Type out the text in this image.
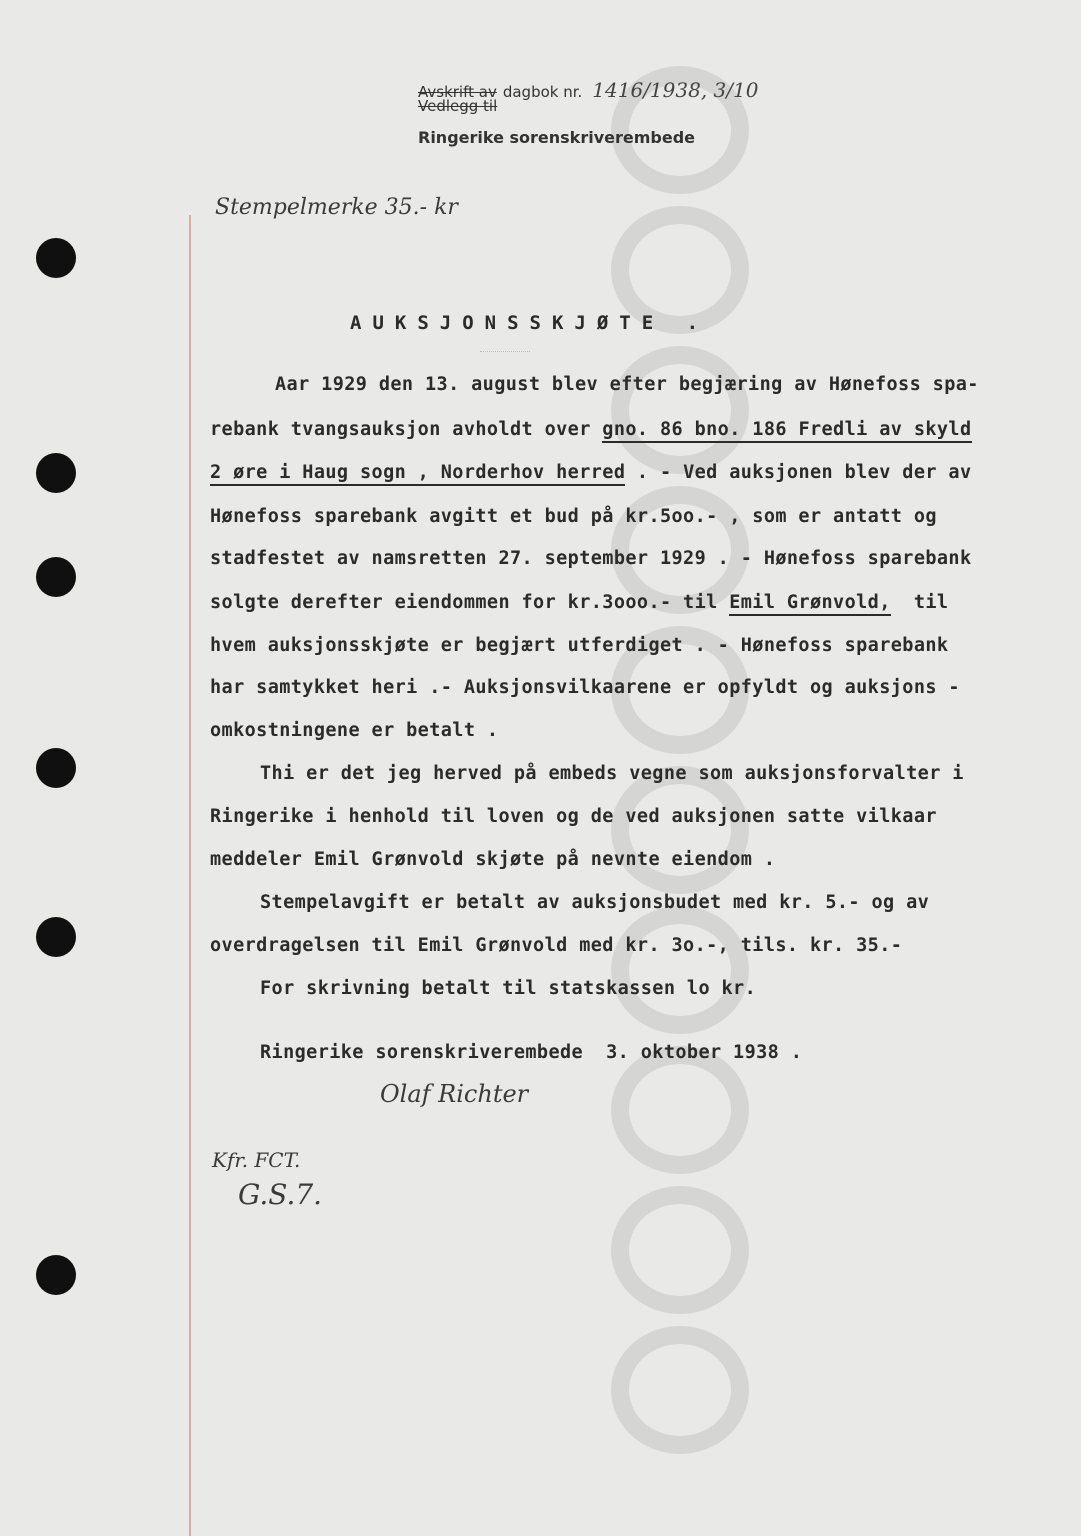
Avskrift av dagbok nr. 1416/1938, 3/10
Vedlegg til
Ringerike sorenskriverembede
Stempelmerke 35.- kr
AUKSJONSSKJØTE .
Aar 1929 den 13. august blev efter begjæring av Hønefoss spa-
rebank tvangsauksjon avholdt over gno. 86 bno. 186 Fredli av skyld
2 øre i Haug sogn , Norderhov herred . - Ved auksjonen blev der av
Hønefoss sparebank avgitt et bud på kr.5oo.- , som er antatt og
stadfestet av namsretten 27. september 1929 . - Hønefoss sparebank
solgte derefter eiendommen for kr.3ooo.- til Emil Grønvold,  til
hvem auksjonsskjøte er begjært utferdiget . - Hønefoss sparebank
har samtykket heri .- Auksjonsvilkaarene er opfyldt og auksjons -
omkostningene er betalt .
Thi er det jeg herved på embeds vegne som auksjonsforvalter i
Ringerike i henhold til loven og de ved auksjonen satte vilkaar
meddeler Emil Grønvold skjøte på nevnte eiendom .
Stempelavgift er betalt av auksjonsbudet med kr. 5.- og av
overdragelsen til Emil Grønvold med kr. 3o.-, tils. kr. 35.-
For skrivning betalt til statskassen lo kr.
Ringerike sorenskriverembede  3. oktober 1938 .
Olaf Richter
Kfr. FCT.
G.S.7.
